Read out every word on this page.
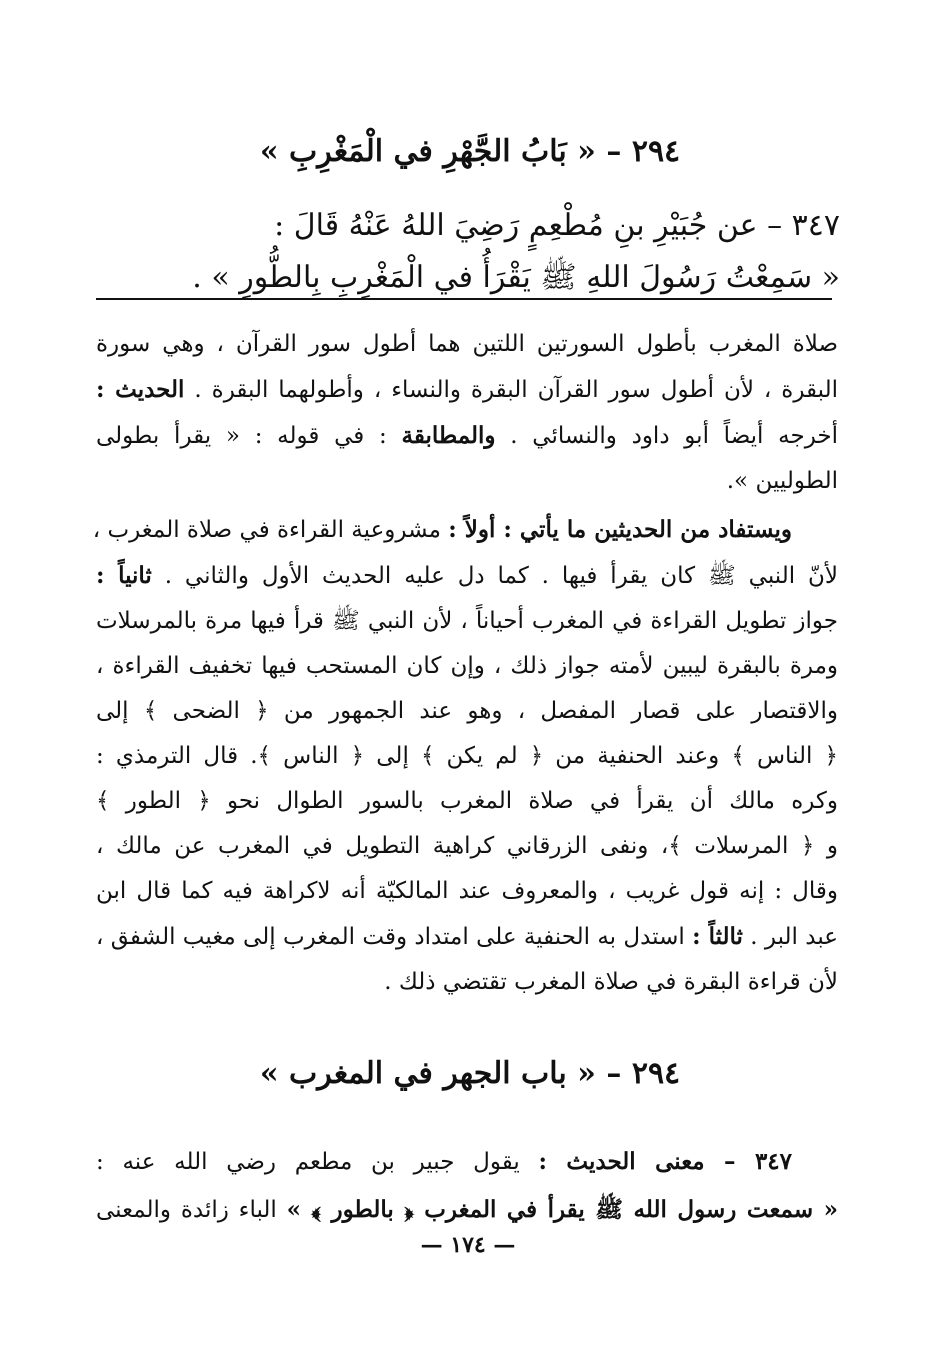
٢٩٤ – « بَابُ الجَّهْرِ في الْمَغْرِبِ »
٣٤٧ – عن جُبَيْرِ بنِ مُطْعِمٍ رَضِيَ اللهُ عَنْهُ قَالَ :
« سَمِعْتُ رَسُولَ اللهِ ﷺ يَقْرَأُ في الْمَغْرِبِ بِالطُّورِ » .
صلاة المغرب بأطول السورتين اللتين هما أطول سور القرآن ، وهي سورة
البقرة ، لأن أطول سور القرآن البقرة والنساء ، وأطولهما البقرة . الحديث :
أخرجه أيضاً أبو داود والنسائي . والمطابقة : في قوله : « يقرأ بطولى
الطوليين ».
  ويستفاد من الحديثين ما يأتي : أولاً : مشروعية القراءة في صلاة المغرب ،
لأنّ النبي ﷺ كان يقرأ فيها . كما دل عليه الحديث الأول والثاني . ثانياً :
جواز تطويل القراءة في المغرب أحياناً ، لأن النبي ﷺ قرأ فيها مرة بالمرسلات
ومرة بالبقرة ليبين لأمته جواز ذلك ، وإن كان المستحب فيها تخفيف القراءة ،
والاقتصار على قصار المفصل ، وهو عند الجمهور من ﴿ الضحى ﴾ إلى
﴿ الناس ﴾ وعند الحنفية من ﴿ لم يكن ﴾ إلى ﴿ الناس ﴾. قال الترمذي :
وكره مالك أن يقرأ في صلاة المغرب بالسور الطوال نحو ﴿ الطور ﴾
و ﴿ المرسلات ﴾، ونفى الزرقاني كراهية التطويل في المغرب عن مالك ،
وقال : إنه قول غريب ، والمعروف عند المالكيّة أنه لاكراهة فيه كما قال ابن
عبد البر . ثالثاً : استدل به الحنفية على امتداد وقت المغرب إلى مغيب الشفق ،
لأن قراءة البقرة في صلاة المغرب تقتضي ذلك .
٢٩٤ – « باب الجهر في المغرب »
  ٣٤٧ – معنى الحديث : يقول جبير بن مطعم رضي الله عنه :
« سمعت رسول الله ﷺ يقرأ في المغرب ﴿ بالطور ﴾ » الباء زائدة والمعنى
— ١٧٤ —
